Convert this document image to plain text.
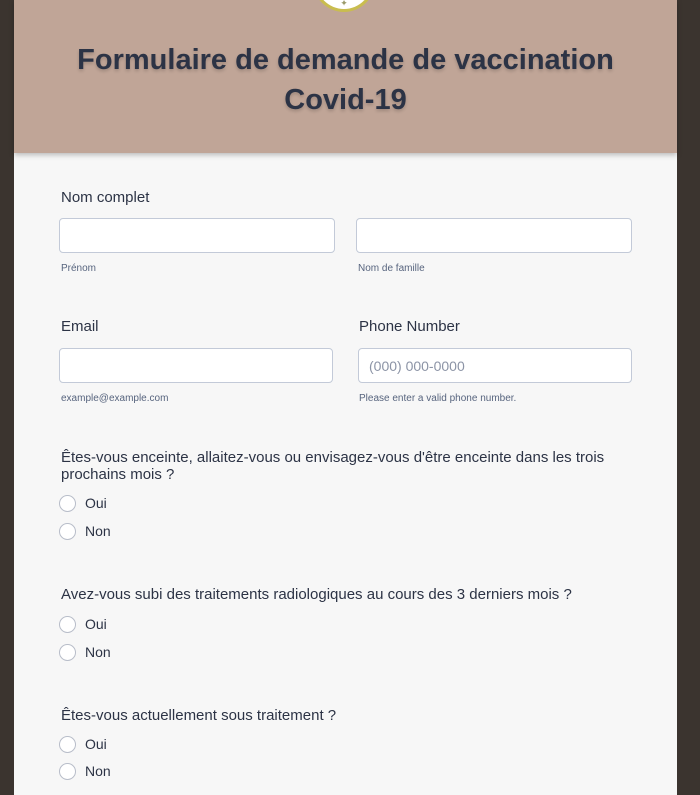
✦
Formulaire de demande de vaccination
Covid-19
Nom complet
Prénom	Nom de famille
Email	Phone Number
(000) 000-0000
example@example.com	Please enter a valid phone number.
Êtes-vous enceinte, allaitez-vous ou envisagez-vous d'être enceinte dans les trois prochains mois ?
Oui
Non
Avez-vous subi des traitements radiologiques au cours des 3 derniers mois ?
Oui
Non
Êtes-vous actuellement sous traitement ?
Oui
Non
